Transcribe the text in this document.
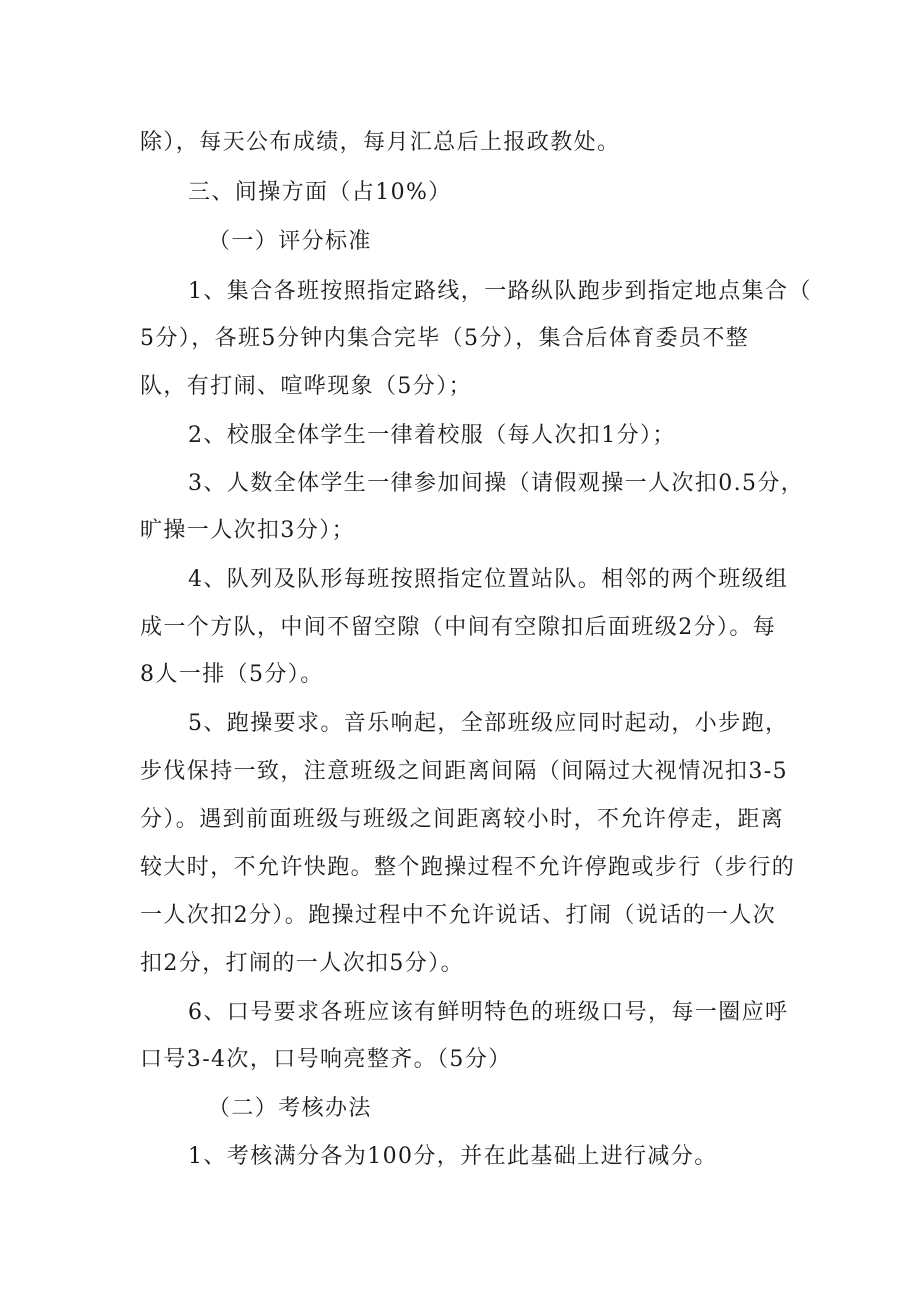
除），每天公布成绩，每月汇总后上报政教处。

三、间操方面（占10%）

（一）评分标准

1、集合各班按照指定路线，一路纵队跑步到指定地点集合（

5分），各班5分钟内集合完毕（5分），集合后体育委员不整

队，有打闹、喧哗现象（5分）；

2、校服全体学生一律着校服（每人次扣1分）；

3、人数全体学生一律参加间操（请假观操一人次扣0.5分，

旷操一人次扣3分）；

4、队列及队形每班按照指定位置站队。相邻的两个班级组

成一个方队，中间不留空隙（中间有空隙扣后面班级2分）。每

8人一排（5分）。

5、跑操要求。音乐响起，全部班级应同时起动，小步跑，

步伐保持一致，注意班级之间距离间隔（间隔过大视情况扣3-5

分）。遇到前面班级与班级之间距离较小时，不允许停走，距离

较大时，不允许快跑。整个跑操过程不允许停跑或步行（步行的

一人次扣2分）。跑操过程中不允许说话、打闹（说话的一人次

扣2分，打闹的一人次扣5分）。

6、口号要求各班应该有鲜明特色的班级口号，每一圈应呼

口号3-4次，口号响亮整齐。（5分）

（二）考核办法

1、考核满分各为100分，并在此基础上进行减分。
